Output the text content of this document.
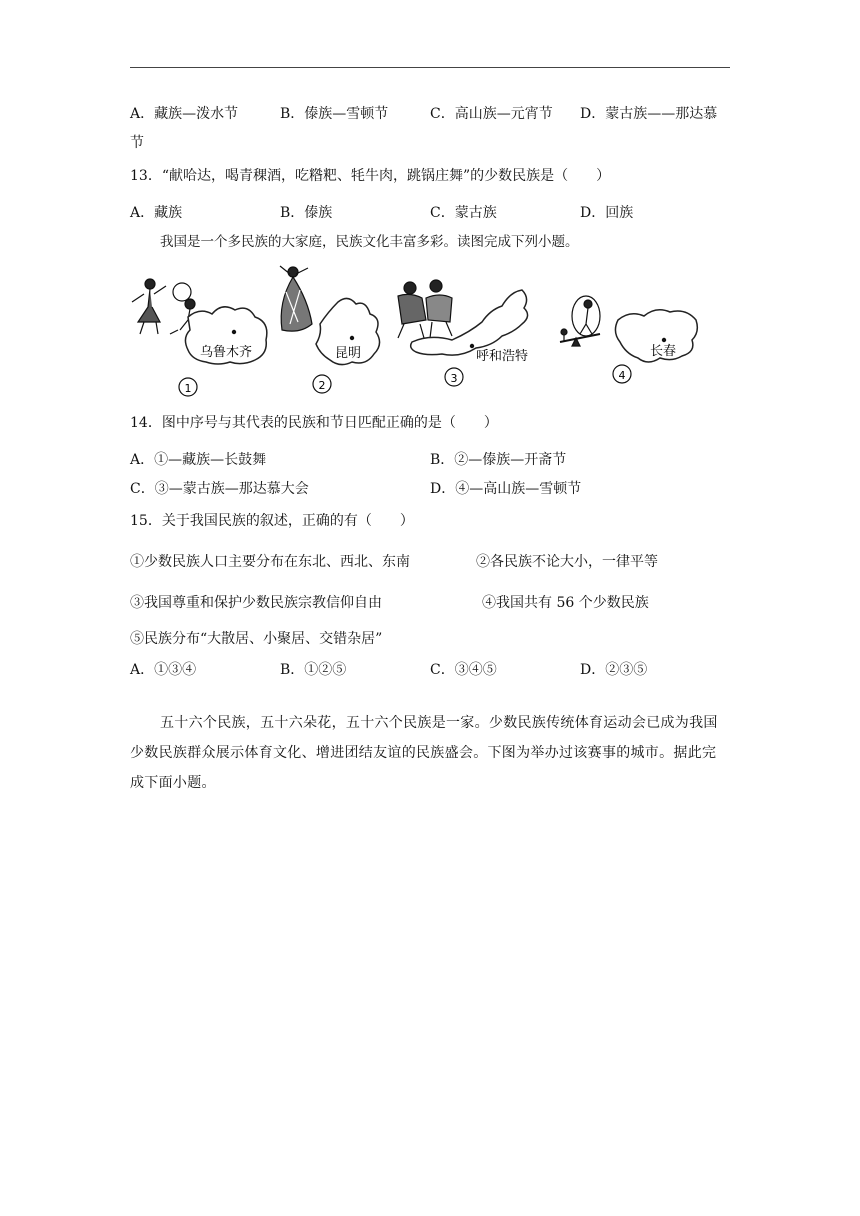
A．藏族—泼水节	B．傣族—雪顿节	C．高山族—元宵节 D．蒙古族——那达慕
节
13．“献哈达，喝青稞酒，吃糌粑、牦牛肉，跳锅庄舞”的少数民族是（　　）
A．藏族	B．傣族	C．蒙古族	D．回族
我国是一个多民族的大家庭，民族文化丰富多彩。读图完成下列小题。
乌鲁木齐
1
昆明
2
呼和浩特
3
长春
4
14．图中序号与其代表的民族和节日匹配正确的是（　　）
A．①—藏族—长鼓舞	B．②—傣族—开斋节
C．③—蒙古族—那达慕大会	D．④—高山族—雪顿节
15．关于我国民族的叙述，正确的有（　　）
①少数民族人口主要分布在东北、西北、东南	②各民族不论大小，一律平等
③我国尊重和保护少数民族宗教信仰自由	④我国共有 56 个少数民族
⑤民族分布“大散居、小聚居、交错杂居”
A．①③④	B．①②⑤	C．③④⑤	D．②③⑤
五十六个民族，五十六朵花，五十六个民族是一家。少数民族传统体育运动会已成为我国少数民族群众展示体育文化、增进团结友谊的民族盛会。下图为举办过该赛事的城市。据此完成下面小题。
